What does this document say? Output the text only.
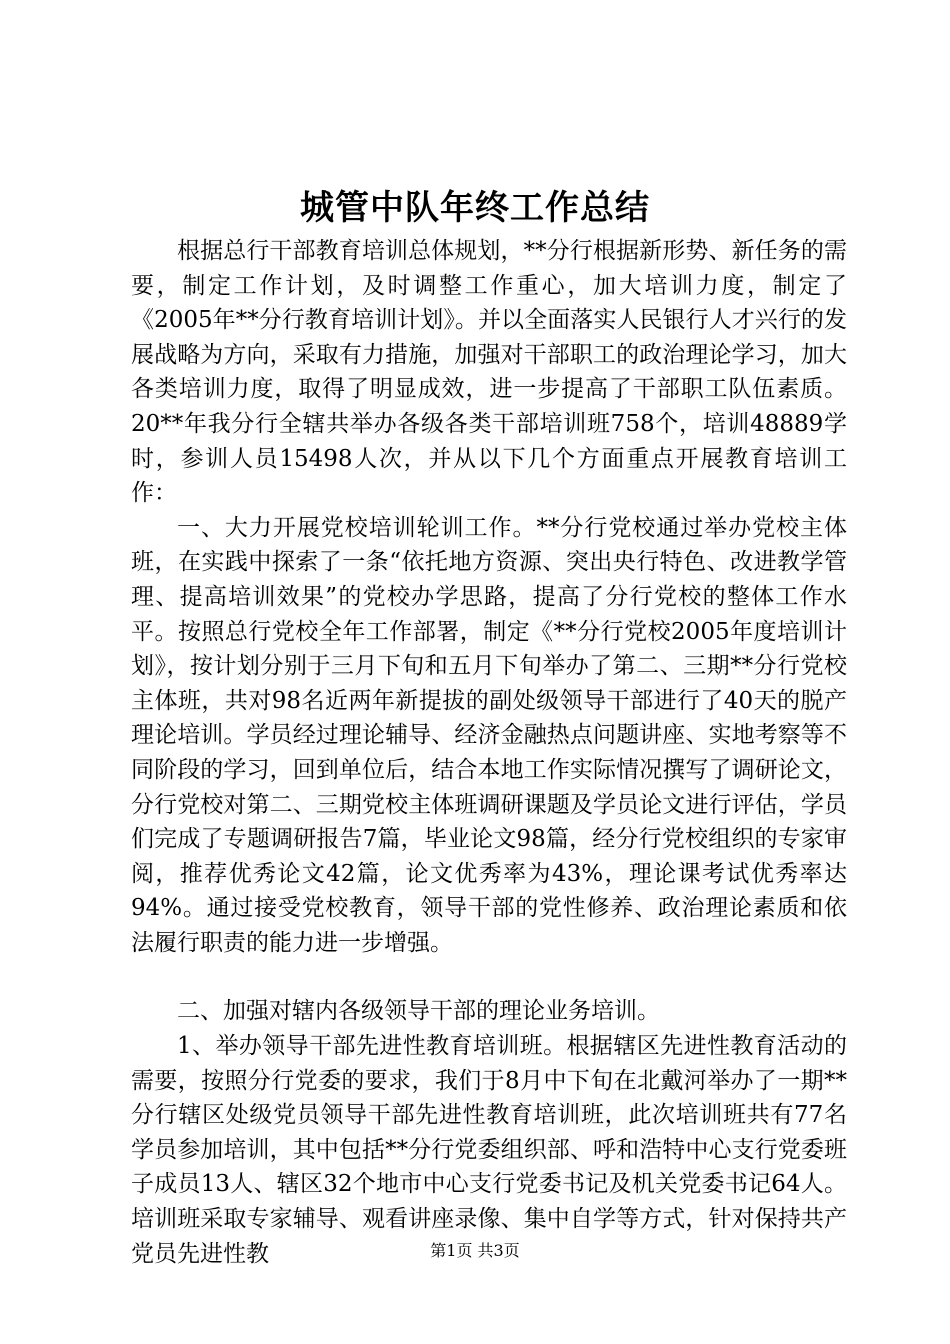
城管中队年终工作总结

根据总行干部教育培训总体规划，**分行根据新形势、新任务的需要，制定工作计划，及时调整工作重心，加大培训力度，制定了《2005年**分行教育培训计划》。并以全面落实人民银行人才兴行的发展战略为方向，采取有力措施，加强对干部职工的政治理论学习，加大各类培训力度，取得了明显成效，进一步提高了干部职工队伍素质。20**年我分行全辖共举办各级各类干部培训班758个，培训48889学时，参训人员15498人次，并从以下几个方面重点开展教育培训工作：

一、大力开展党校培训轮训工作。**分行党校通过举办党校主体班，在实践中探索了一条“依托地方资源、突出央行特色、改进教学管理、提高培训效果”的党校办学思路，提高了分行党校的整体工作水平。按照总行党校全年工作部署，制定《**分行党校2005年度培训计划》，按计划分别于三月下旬和五月下旬举办了第二、三期**分行党校主体班，共对98名近两年新提拔的副处级领导干部进行了40天的脱产理论培训。学员经过理论辅导、经济金融热点问题讲座、实地考察等不同阶段的学习，回到单位后，结合本地工作实际情况撰写了调研论文，分行党校对第二、三期党校主体班调研课题及学员论文进行评估，学员们完成了专题调研报告7篇，毕业论文98篇，经分行党校组织的专家审阅，推荐优秀论文42篇，论文优秀率为43%，理论课考试优秀率达94%。通过接受党校教育，领导干部的党性修养、政治理论素质和依法履行职责的能力进一步增强。

二、加强对辖内各级领导干部的理论业务培训。

1、举办领导干部先进性教育培训班。根据辖区先进性教育活动的需要，按照分行党委的要求，我们于8月中下旬在北戴河举办了一期**分行辖区处级党员领导干部先进性教育培训班，此次培训班共有77名学员参加培训，其中包括**分行党委组织部、呼和浩特中心支行党委班子成员13人、辖区32个地市中心支行党委书记及机关党委书记64人。培训班采取专家辅导、观看讲座录像、集中自学等方式，针对保持共产党员先进性教	第1页 共3页
